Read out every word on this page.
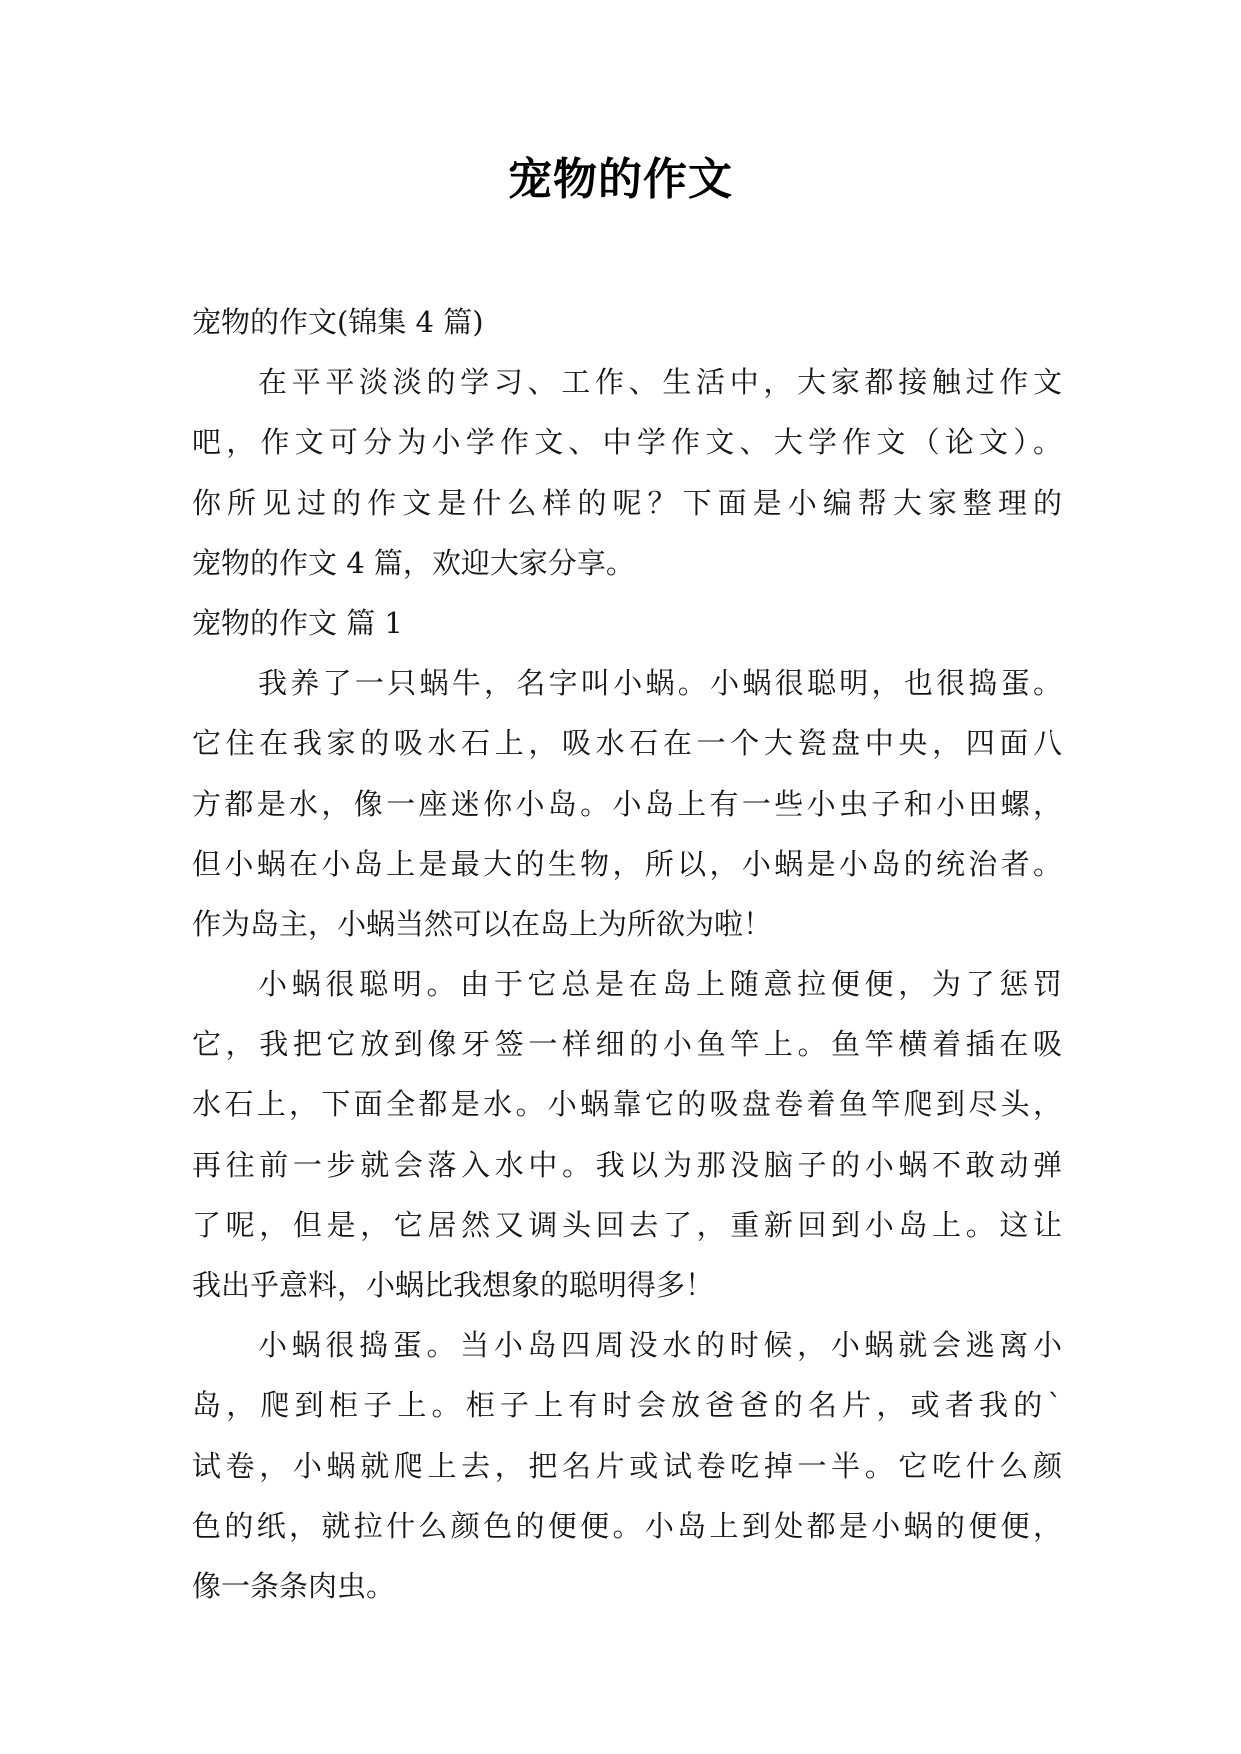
宠物的作文

宠物的作文(锦集 4 篇)

在平平淡淡的学习、工作、生活中，大家都接触过作文

吧，作文可分为小学作文、中学作文、大学作文（论文）。

你所见过的作文是什么样的呢？下面是小编帮大家整理的

宠物的作文 4 篇，欢迎大家分享。

宠物的作文 篇 1

我养了一只蜗牛，名字叫小蜗。小蜗很聪明，也很捣蛋。

它住在我家的吸水石上，吸水石在一个大瓷盘中央，四面八

方都是水，像一座迷你小岛。小岛上有一些小虫子和小田螺，

但小蜗在小岛上是最大的生物，所以，小蜗是小岛的统治者。

作为岛主，小蜗当然可以在岛上为所欲为啦！

小蜗很聪明。由于它总是在岛上随意拉便便，为了惩罚

它，我把它放到像牙签一样细的小鱼竿上。鱼竿横着插在吸

水石上，下面全都是水。小蜗靠它的吸盘卷着鱼竿爬到尽头，

再往前一步就会落入水中。我以为那没脑子的小蜗不敢动弹

了呢，但是，它居然又调头回去了，重新回到小岛上。这让

我出乎意料，小蜗比我想象的聪明得多！

小蜗很捣蛋。当小岛四周没水的时候，小蜗就会逃离小

岛，爬到柜子上。柜子上有时会放爸爸的名片，或者我的`

试卷，小蜗就爬上去，把名片或试卷吃掉一半。它吃什么颜

色的纸，就拉什么颜色的便便。小岛上到处都是小蜗的便便，

像一条条肉虫。
